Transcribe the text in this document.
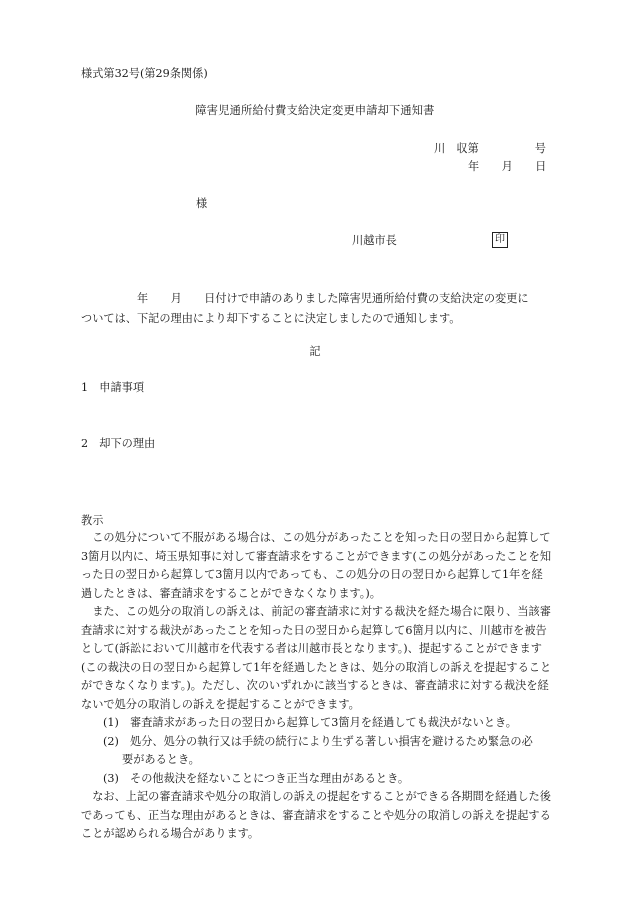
様式第32号(第29条関係)
障害児通所給付費支給決定変更申請却下通知書
川　収第　　　　　号
年　　月　　日
様
川越市長	印
年　　月　　日付けで申請のありました障害児通所給付費の支給決定の変更に
ついては、下記の理由により却下することに決定しましたので通知します。
記
1　申請事項
2　却下の理由
教示

この処分について不服がある場合は、この処分があったことを知った日の翌日から起算して3箇月以内に、埼玉県知事に対して審査請求をすることができます(この処分があったことを知った日の翌日から起算して3箇月以内であっても、この処分の日の翌日から起算して1年を経過したときは、審査請求をすることができなくなります。)。

また、この処分の取消しの訴えは、前記の審査請求に対する裁決を経た場合に限り、当該審査請求に対する裁決があったことを知った日の翌日から起算して6箇月以内に、川越市を被告として(訴訟において川越市を代表する者は川越市長となります。)、提起することができます(この裁決の日の翌日から起算して1年を経過したときは、処分の取消しの訴えを提起することができなくなります。)。ただし、次のいずれかに該当するときは、審査請求に対する裁決を経ないで処分の取消しの訴えを提起することができます。

(1)　審査請求があった日の翌日から起算して3箇月を経過しても裁決がないとき。

(2)　処分、処分の執行又は手続の続行により生ずる著しい損害を避けるため緊急の必

要があるとき。

(3)　その他裁決を経ないことにつき正当な理由があるとき。

なお、上記の審査請求や処分の取消しの訴えの提起をすることができる各期間を経過した後であっても、正当な理由があるときは、審査請求をすることや処分の取消しの訴えを提起することが認められる場合があります。
